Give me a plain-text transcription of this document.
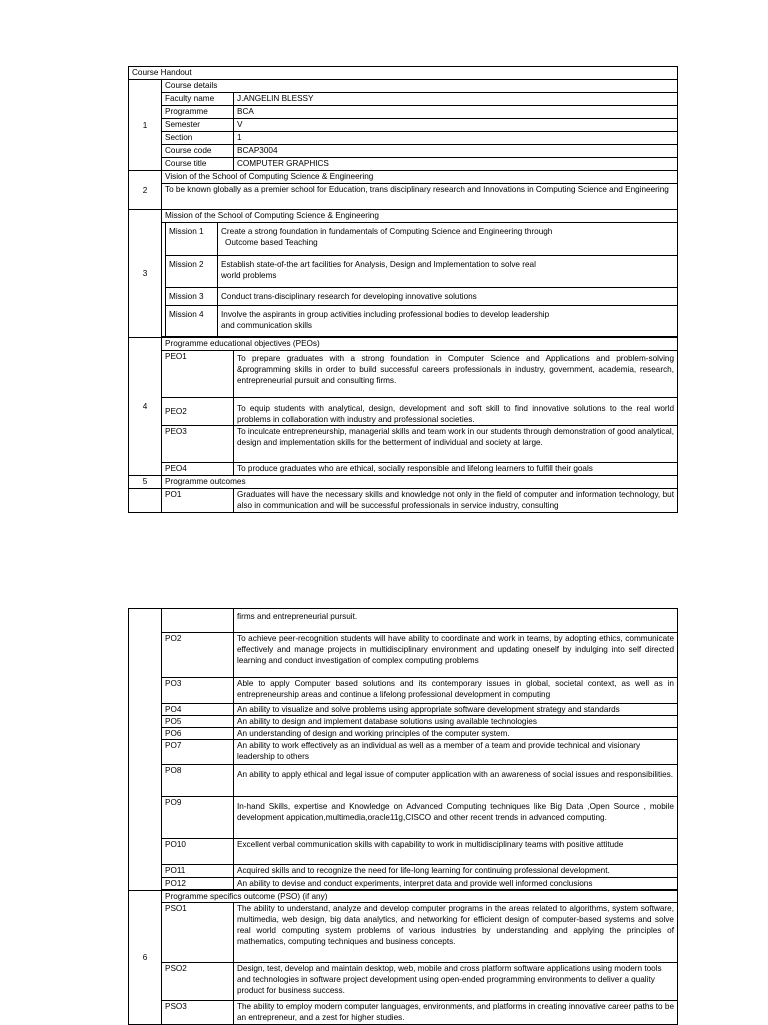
Course Handout
1	Course details
Faculty name	J.ANGELIN BLESSY
Programme	BCA
Semester	V
Section	1
Course code	BCAP3004
Course title	COMPUTER GRAPHICS
2	Vision of the School of Computing Science & Engineering
To be known globally as a premier school for Education, trans disciplinary research and Innovations in Computing Science and Engineering
3	Mission of the School of Computing Science & Engineering

Mission 1	Create a strong foundation in fundamentals of Computing Science and Engineering through
Outcome based Teaching

Mission 2	Establish state-of-the art facilities for Analysis, Design and Implementation to solve real
world problems

Mission 3	Conduct trans-disciplinary research for developing innovative solutions

Mission 4	Involve the aspirants in group activities including professional bodies to develop leadership
and communication skills

4	Programme educational objectives (PEOs)
PEO1	To prepare graduates with a strong foundation in Computer Science and Applications and problem-solving &programming skills in order to build successful careers professionals in industry, government, academia, research, entrepreneurial pursuit and consulting firms.
PEO2	To equip students with analytical, design, development and soft skill to find innovative solutions to the real world problems in collaboration with industry and professional societies.
PEO3	To inculcate entrepreneurship, managerial skills and team work in our students through demonstration of good analytical, design and implementation skills for the betterment of individual and society at large.
PEO4	To produce graduates who are ethical, socially responsible and lifelong learners to fulfill their goals
5	Programme outcomes
	PO1	Graduates will have the necessary skills and knowledge not only in the field of computer and information technology, but also in communication and will be successful professionals in service industry, consulting
		firms and entrepreneurial pursuit.
	PO2	To achieve peer-recognition students will have ability to coordinate and work in teams, by adopting ethics, communicate effectively and manage projects in multidisciplinary environment and updating oneself by indulging into self directed learning and conduct investigation of complex computing problems
	PO3	Able to apply Computer based solutions and its contemporary issues in global, societal context, as well as in entrepreneurship areas and continue a lifelong professional development in computing
	PO4	An ability to visualize and solve problems using appropriate software development strategy and standards
	PO5	An ability to design and implement database solutions using available technologies
	PO6	An understanding of design and working principles of the computer system.
	PO7	An ability to work effectively as an individual as well as a member of a team and provide technical and visionary leadership to others
	PO8	An ability to apply ethical and legal issue of computer application with an awareness of social issues and responsibilities.
	PO9	In-hand Skills, expertise and Knowledge on Advanced Computing techniques like Big Data ,Open Source , mobile development appication,multimedia,oracle11g,CISCO and other recent trends in advanced computing.
	PO10	Excellent verbal communication skills with capability to work in multidisciplinary teams with positive attitude
	PO11	Acquired skills and to recognize the need for life-long learning for continuing professional development.
	PO12	An ability to devise and conduct experiments, interpret data and provide well informed conclusions

6	Programme specifics outcome (PSO) (if any)	
	PSO1	The ability to understand, analyze and develop computer programs in the areas related to algorithms, system software, multimedia, web design, big data analytics, and networking for efficient design of computer-based systems and solve real world computing system problems of various industries by understanding and applying the principles of mathematics, computing techniques and business concepts.
	PSO2	Design, test, develop and maintain desktop, web, mobile and cross platform software applications using modern tools and technologies in software project development using open-ended programming environments to deliver a quality product for business success.
	PSO3	The ability to employ modern computer languages, environments, and platforms in creating innovative career paths to be an entrepreneur, and a zest for higher studies.
